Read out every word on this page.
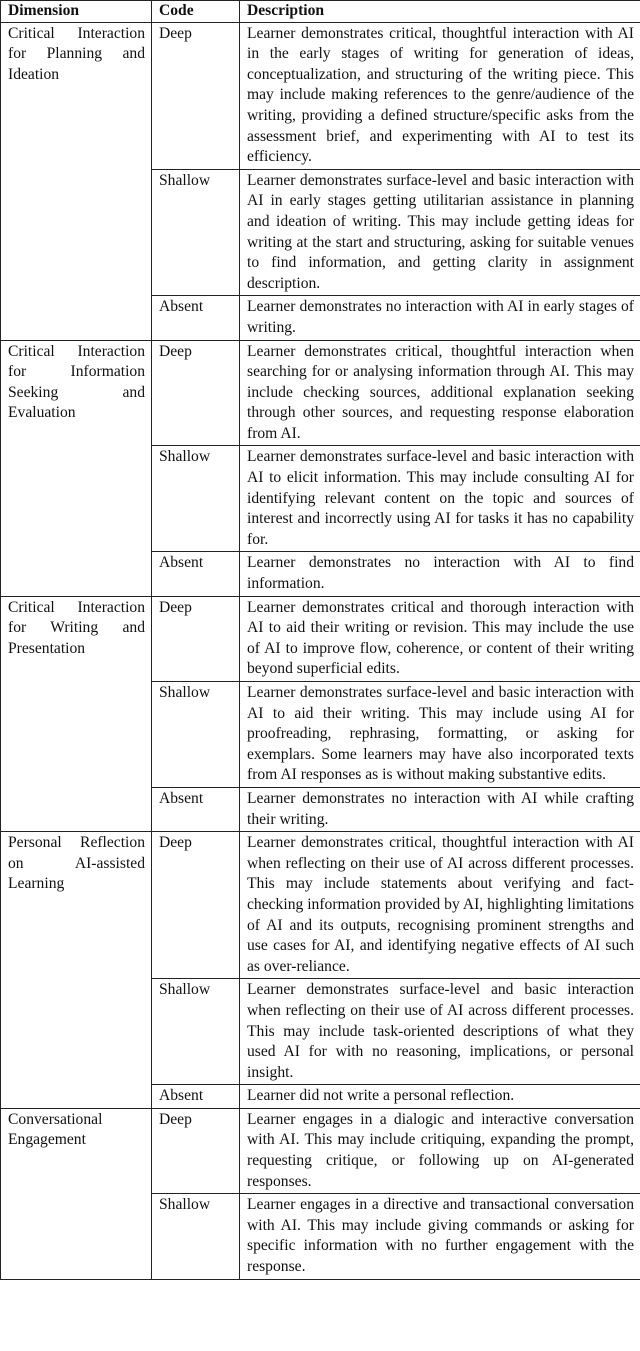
Dimension	Code	Description

Critical Interaction for Planning and Ideation	Deep	Learner demonstrates critical, thoughtful interaction with AI in the early stages of writing for generation of ideas, conceptualization, and structuring of the writing piece. This may include making references to the genre/audience of the writing, providing a defined structure/specific asks from the assessment brief, and experimenting with AI to test its efficiency.
	Shallow	Learner demonstrates surface-level and basic interaction with AI in early stages getting utilitarian assistance in planning and ideation of writing. This may include getting ideas for writing at the start and structuring, asking for suitable venues to find information, and getting clarity in assignment description.
	Absent	Learner demonstrates no interaction with AI in early stages of writing.

Critical Interaction for Information Seeking and Evaluation	Deep	Learner demonstrates critical, thoughtful interaction when searching for or analysing information through AI. This may include checking sources, additional explanation seeking through other sources, and requesting response elaboration from AI.
	Shallow	Learner demonstrates surface-level and basic interaction with AI to elicit information. This may include consulting AI for identifying relevant content on the topic and sources of interest and incorrectly using AI for tasks it has no capability for.
	Absent	Learner demonstrates no interaction with AI to find information.

Critical Interaction for Writing and Presentation	Deep	Learner demonstrates critical and thorough interaction with AI to aid their writing or revision. This may include the use of AI to improve flow, coherence, or content of their writing beyond superficial edits.
	Shallow	Learner demonstrates surface-level and basic interaction with AI to aid their writing. This may include using AI for proofreading, rephrasing, formatting, or asking for exemplars. Some learners may have also incorporated texts from AI responses as is without making substantive edits.
	Absent	Learner demonstrates no interaction with AI while crafting their writing.

Personal Reflection on AI-assisted Learning	Deep	Learner demonstrates critical, thoughtful interaction with AI when reflecting on their use of AI across different processes. This may include statements about verifying and fact-checking information provided by AI, highlighting limitations of AI and its outputs, recognising prominent strengths and use cases for AI, and identifying negative effects of AI such as over-reliance.
	Shallow	Learner demonstrates surface-level and basic interaction when reflecting on their use of AI across different processes. This may include task-oriented descriptions of what they used AI for with no reasoning, implications, or personal insight.
	Absent	Learner did not write a personal reflection.

Conversational Engagement	Deep	Learner engages in a dialogic and interactive conversation with AI. This may include critiquing, expanding the prompt, requesting critique, or following up on AI-generated responses.
	Shallow	Learner engages in a directive and transactional conversation with AI. This may include giving commands or asking for specific information with no further engagement with the response.
